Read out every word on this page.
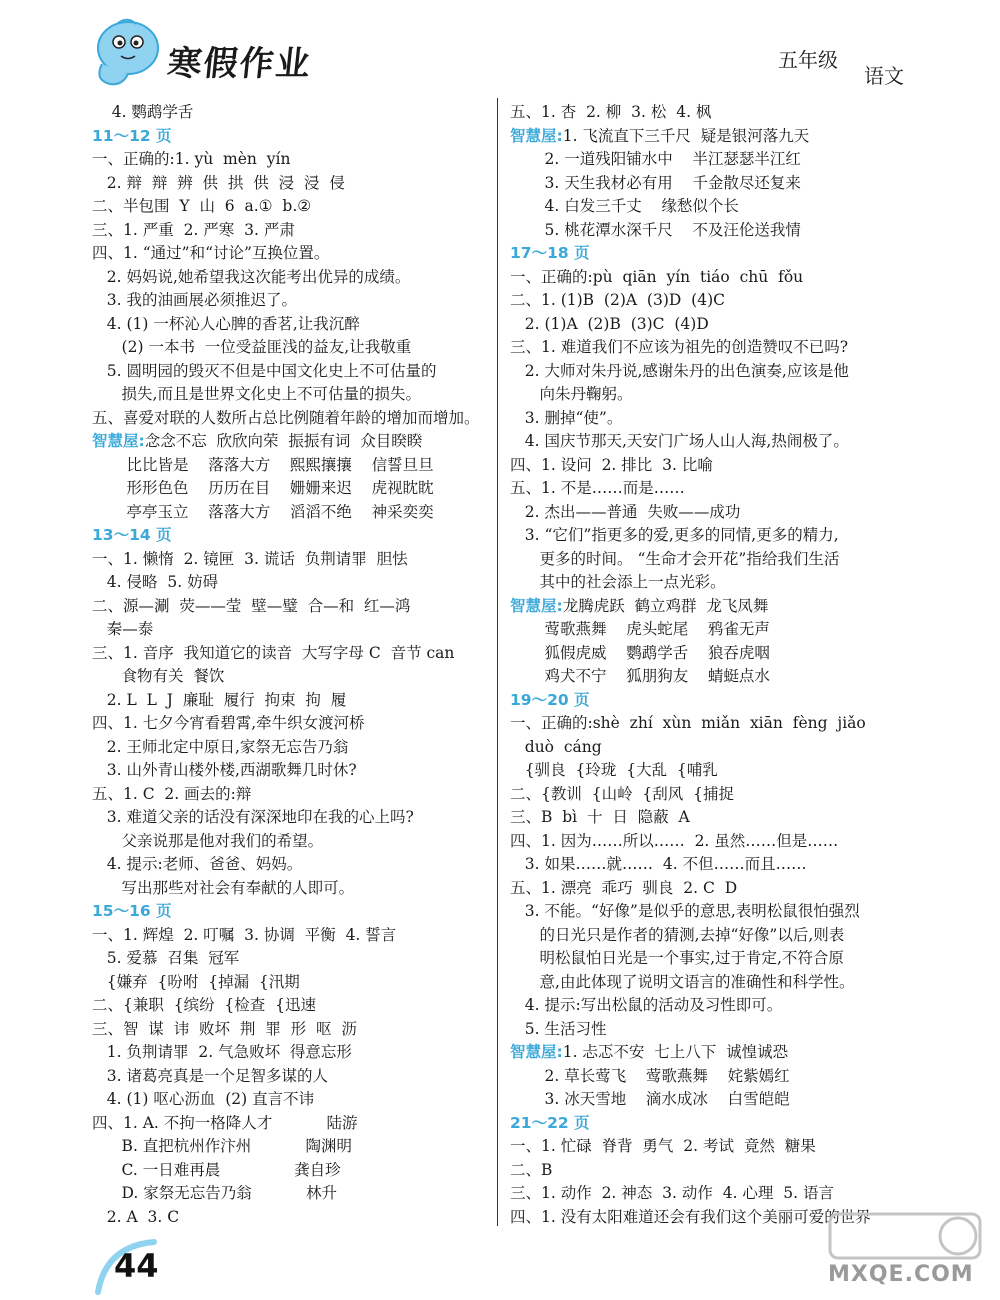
寒假作业	五年级
语文
4. 鹦鹉学舌
11～12 页
一、正确的:1. yù  mèn  yín
2. 辩  辩  辨  供  拱  供  浸  浸  侵
二、半包围  Y  山  6  a.①  b.②
三、1. 严重  2. 严寒  3. 严肃
四、1. “通过”和“讨论”互换位置。
2. 妈妈说,她希望我这次能考出优异的成绩。
3. 我的油画展必须推迟了。
4. (1) 一杯沁人心脾的香茗,让我沉醉
(2) 一本书  一位受益匪浅的益友,让我敬重
5. 圆明园的毁灭不但是中国文化史上不可估量的
损失,而且是世界文化史上不可估量的损失。
五、喜爱对联的人数所占总比例随着年龄的增加而增加。
智慧屋:念念不忘  欣欣向荣  振振有词  众目睽睽
比比皆是    落落大方    熙熙攘攘    信誓旦旦
形形色色    历历在目    姗姗来迟    虎视眈眈
亭亭玉立    落落大方    滔滔不绝    神采奕奕
13～14 页
一、1. 懒惰  2. 镜匣  3. 谎话  负荆请罪  胆怯
4. 侵略  5. 妨碍
二、源—涮  荧——莹  壁—璧  合—和  红—鸿
秦—泰
三、1. 音序  我知道它的读音  大写字母 C  音节 can
食物有关  餐饮
2. L  L  J  廉耻  履行  拘束  拘  履
四、1. 七夕今宵看碧霄,牵牛织女渡河桥
2. 王师北定中原日,家祭无忘告乃翁
3. 山外青山楼外楼,西湖歌舞几时休?
五、1. C  2. 画去的:辩
3. 难道父亲的话没有深深地印在我的心上吗?
父亲说那是他对我们的希望。
4. 提示:老师、爸爸、妈妈。
写出那些对社会有奉献的人即可。
15～16 页
一、1. 辉煌  2. 叮嘱  3. 协调  平衡  4. 誓言
5. 爱慕  召集  冠军
{嫌弃  {吩咐  {掉漏  {汛期
二、{兼职  {缤纷  {检查  {迅速
三、智  谋  讳  败坏  荆  罪  形  呕  沥
1. 负荆请罪  2. 气急败坏  得意忘形
3. 诸葛亮真是一个足智多谋的人
4. (1) 呕心沥血  (2) 直言不讳
四、1. A. 不拘一格降人才           陆游
B. 直把杭州作汴州           陶渊明
C. 一日难再晨               龚自珍
D. 家祭无忘告乃翁           林升
2. A  3. C
五、1. 杏  2. 柳  3. 松  4. 枫
智慧屋:1. 飞流直下三千尺  疑是银河落九天
2. 一道残阳铺水中    半江瑟瑟半江红
3. 天生我材必有用    千金散尽还复来
4. 白发三千丈    缘愁似个长
5. 桃花潭水深千尺    不及汪伦送我情
17～18 页
一、正确的:pù  qiān  yín  tiáo  chū  fǒu
二、1. (1)B  (2)A  (3)D  (4)C
2. (1)A  (2)B  (3)C  (4)D
三、1. 难道我们不应该为祖先的创造赞叹不已吗?
2. 大师对朱丹说,感谢朱丹的出色演奏,应该是他
向朱丹鞠躬。
3. 删掉“使”。
4. 国庆节那天,天安门广场人山人海,热闹极了。
四、1. 设问  2. 排比  3. 比喻
五、1. 不是……而是……
2. 杰出——普通  失败——成功
3. “它们”指更多的爱,更多的同情,更多的精力,
更多的时间。 “生命才会开花”指给我们生活
其中的社会添上一点光彩。
智慧屋:龙腾虎跃  鹤立鸡群  龙飞凤舞
莺歌燕舞    虎头蛇尾    鸦雀无声
狐假虎威    鹦鹉学舌    狼吞虎咽
鸡犬不宁    狐朋狗友    蜻蜓点水
19～20 页
一、正确的:shè  zhí  xùn  miǎn  xiān  fèng  jiǎo
duò  cáng
{驯良  {玲珑  {大乱  {哺乳
二、{教训  {山岭  {刮风  {捕捉
三、B  bì  十  日  隐蔽  A
四、1. 因为……所以……  2. 虽然……但是……
3. 如果……就……  4. 不但……而且……
五、1. 漂亮  乖巧  驯良  2. C  D
3. 不能。“好像”是似乎的意思,表明松鼠很怕强烈
的日光只是作者的猜测,去掉“好像”以后,则表
明松鼠怕日光是一个事实,过于肯定,不符合原
意,由此体现了说明文语言的准确性和科学性。
4. 提示:写出松鼠的活动及习性即可。
5. 生活习性
智慧屋:1. 忐忑不安  七上八下  诚惶诚恐
2. 草长莺飞    莺歌燕舞    姹紫嫣红
3. 冰天雪地    滴水成冰    白雪皑皑
21～22 页
一、1. 忙碌  脊背  勇气  2. 考试  竟然  糖果
二、B
三、1. 动作  2. 神态  3. 动作  4. 心理  5. 语言
四、1. 没有太阳难道还会有我们这个美丽可爱的世界
44	MXQE.COM
